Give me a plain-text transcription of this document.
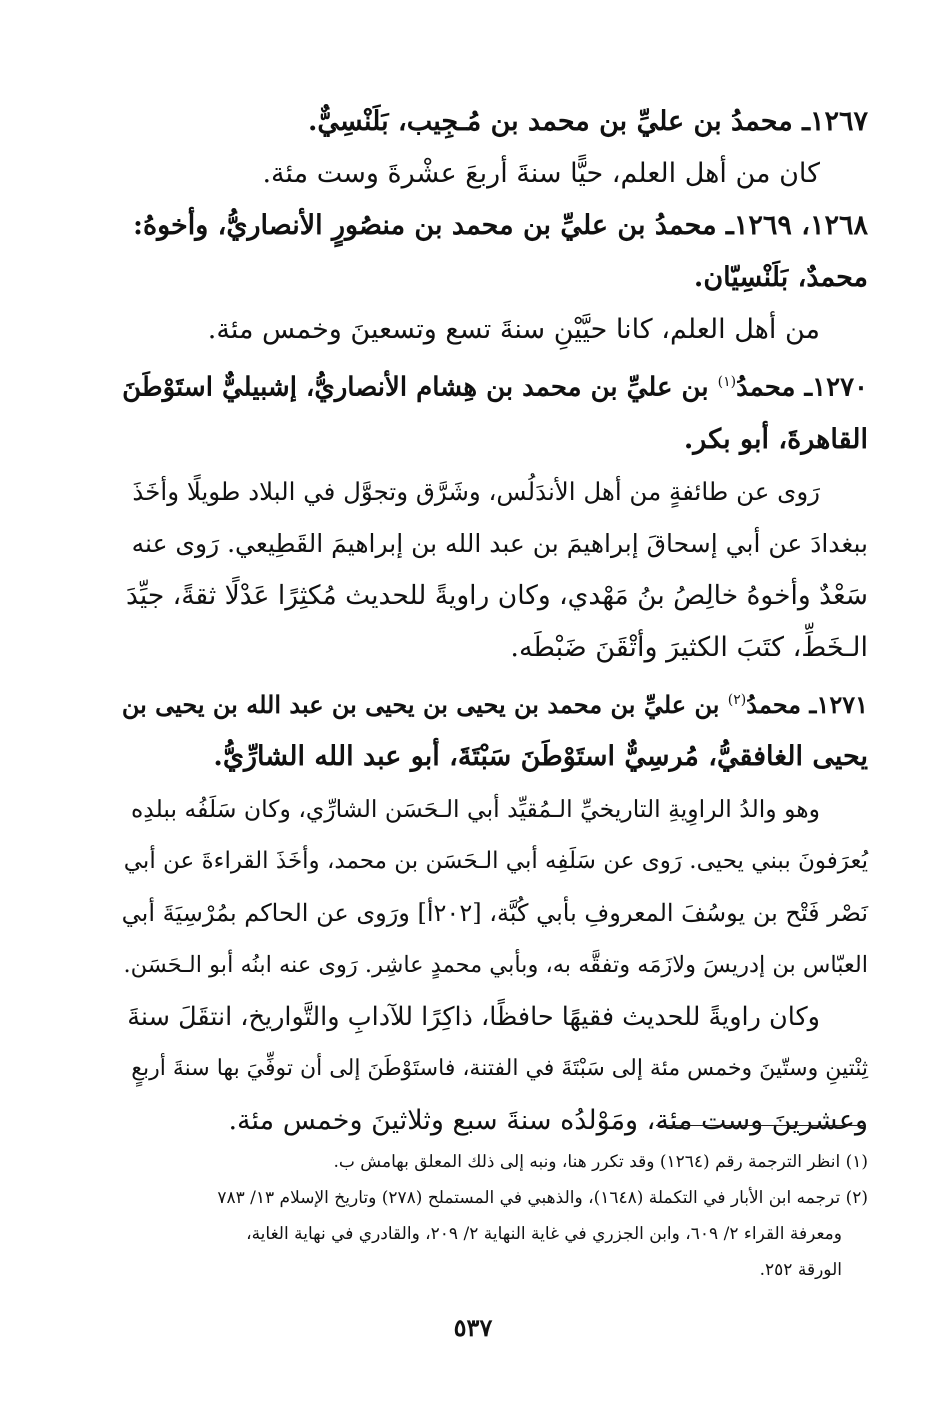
١٢٦٧ـ محمدُ بن عليِّ بن محمد بن مُـجِيب، بَلَنْسِيٌّ.
كان من أهل العلم، حيًّا سنةَ أربعَ عشْرةَ وست مئة.
١٢٦٨، ١٢٦٩ـ محمدُ بن عليِّ بن محمد بن منصُورٍ الأنصاريُّ، وأخوهُ:
محمدٌ، بَلَنْسِيّان.
من أهل العلم، كانا حيَّيْنِ سنةَ تسع وتسعينَ وخمس مئة.
١٢٧٠ـ محمدُ$^{(١)}$ بن عليِّ بن محمد بن هِشام الأنصاريُّ، إشبيليٌّ استَوْطَنَ
القاهرةَ، أبو بكر.
رَوى عن طائفةٍ من أهل الأندَلُس، وشَرَّق وتجوَّل في البلاد طويلًا وأخَذَ
ببغدادَ عن أبي إسحاقَ إبراهيمَ بن عبد الله بن إبراهيمَ القَطِيعي. رَوى عنه
سَعْدٌ وأخوهُ خالِصُ بنُ مَهْدي، وكان راويةً للحديث مُكثِرًا عَدْلًا ثقةً، جيِّدَ
الـخَطِّ، كتَبَ الكثيرَ وأتْقَنَ ضَبْطَه.
١٢٧١ـ محمدُ$^{(٢)}$ بن عليِّ بن محمد بن يحيى بن يحيى بن عبد الله بن يحيى بن
يحيى الغافقيُّ، مُرسِيٌّ استَوْطَنَ سَبْتَةَ، أبو عبد الله الشارِّيُّ.
وهو والدُ الراوِيةِ التاريخيِّ الـمُقيِّد أبي الـحَسَن الشارِّي، وكان سَلَفُه ببلدِه
يُعرَفونَ ببني يحيى. رَوى عن سَلَفِه أبي الـحَسَن بن محمد، وأخَذَ القراءةَ عن أبي
نَصْر فَتْح بن يوسُفَ المعروفِ بأبي كُبَّة، [٢٠٢أ] ورَوى عن الحاكم بمُرْسِيَةَ أبي
العبّاس بن إدريسَ ولازَمَه وتفقَّه به، وبأبي محمدٍ عاشِر. رَوى عنه ابنُه أبو الـحَسَن.
وكان راويةً للحديث فقيهًا حافظًا، ذاكِرًا للآدابِ والتَّواريخ، انتقَلَ سنةَ
ثِنْتينِ وستّينَ وخمس مئة إلى سَبْتَةَ في الفتنة، فاستَوْطَنَ إلى أن توفِّيَ بها سنةَ أربعٍ
وعشرينَ وست مئة، ومَوْلدُه سنةَ سبع وثلاثينَ وخمس مئة.
(١) انظر الترجمة رقم (١٢٦٤) وقد تكرر هنا، ونبه إلى ذلك المعلق بهامش ب.
(٢) ترجمه ابن الأبار في التكملة (١٦٤٨)، والذهبي في المستملح (٢٧٨) وتاريخ الإسلام ١٣/ ٧٨٣
ومعرفة القراء ٢/ ٦٠٩، وابن الجزري في غاية النهاية ٢/ ٢٠٩، والقادري في نهاية الغاية،
الورقة ٢٥٢.
٥٣٧
